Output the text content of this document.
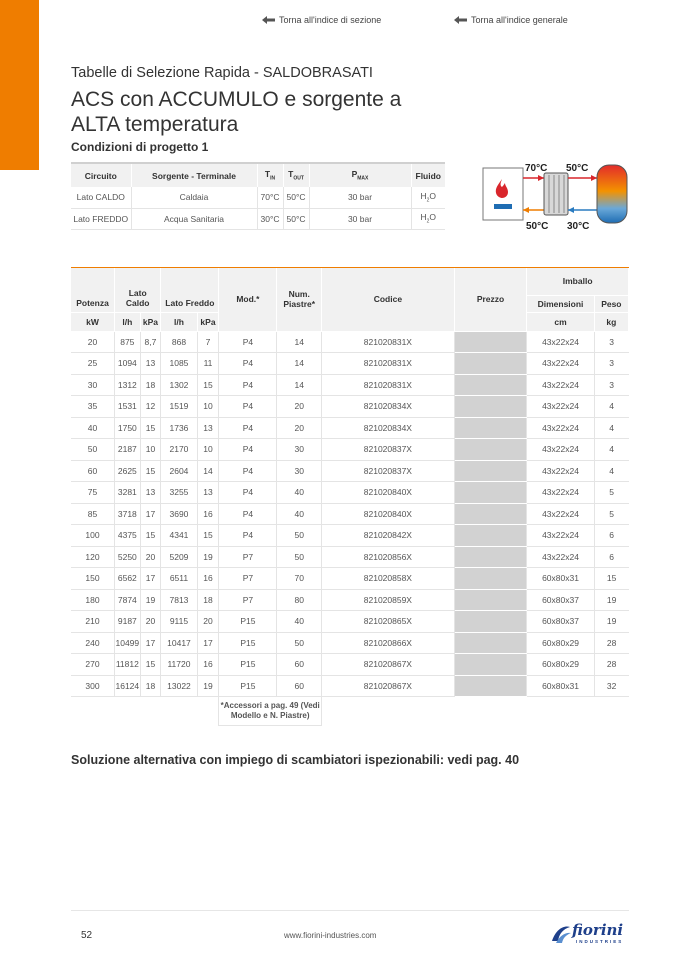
Torna all'indice di sezione	Torna all'indice generale
Tabelle di Selezione Rapida - SALDOBRASATI
ACS con ACCUMULO e sorgente a ALTA temperatura
Condizioni di progetto 1
Circuito	Sorgente - Terminale	$T_{IN}$	$T_{OUT}$	$P_{MAX}$	Fluido
Lato CALDO	Caldaia	70°C	50°C	30 bar	$H_2O$
Lato FREDDO	Acqua Sanitaria	30°C	50°C	30 bar	$H_2O$
70°C 50°C
50°C 30°C
Potenza	Lato Caldo		Lato Freddo		Mod.*	Num. Piastre*	Codice	Prezzo	Imballo	
									Dimensioni	Peso
kW	l/h	kPa	l/h	kPa					cm	kg
20	875	8,7	868	7	P4	14	821020831X		43x22x24	3
25	1094	13	1085	11	P4	14	821020831X		43x22x24	3
30	1312	18	1302	15	P4	14	821020831X		43x22x24	3
35	1531	12	1519	10	P4	20	821020834X		43x22x24	4
40	1750	15	1736	13	P4	20	821020834X		43x22x24	4
50	2187	10	2170	10	P4	30	821020837X		43x22x24	4
60	2625	15	2604	14	P4	30	821020837X		43x22x24	4
75	3281	13	3255	13	P4	40	821020840X		43x22x24	5
85	3718	17	3690	16	P4	40	821020840X		43x22x24	5
100	4375	15	4341	15	P4	50	821020842X		43x22x24	6
120	5250	20	5209	19	P7	50	821020856X		43x22x24	6
150	6562	17	6511	16	P7	70	821020858X		60x80x31	15
180	7874	19	7813	18	P7	80	821020859X		60x80x37	19
210	9187	20	9115	20	P15	40	821020865X		60x80x37	19
240	10499	17	10417	17	P15	50	821020866X		60x80x29	28
270	11812	15	11720	16	P15	60	821020867X		60x80x29	28
300	16124	18	13022	19	P15	60	821020867X		60x80x31	32
					*Accessori a pag. 49 (Vedi Modello e N. Piastre)					
Soluzione alternativa con impiego di scambiatori ispezionabili: vedi pag. 40
52	www.fiorini-industries.com	fiorini
INDUSTRIES
